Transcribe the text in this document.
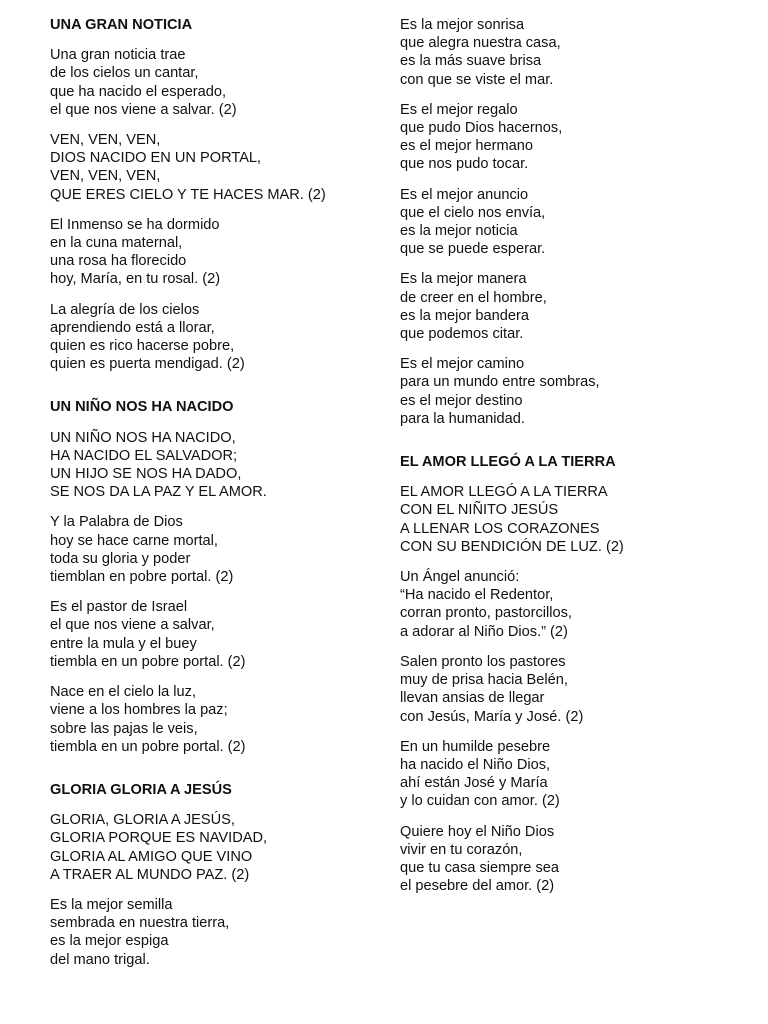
UNA GRAN NOTICIA
Una gran noticia trae
de los cielos un cantar,
que ha nacido el esperado,
el que nos viene a salvar. (2)
VEN, VEN, VEN,
DIOS NACIDO EN UN PORTAL,
VEN, VEN, VEN,
QUE ERES CIELO Y TE HACES MAR. (2)
El Inmenso se ha dormido
en la cuna maternal,
una rosa ha florecido
hoy, María, en tu rosal. (2)
La alegría de los cielos
aprendiendo está a llorar,
quien es rico hacerse pobre,
quien es puerta mendigad. (2)
UN NIÑO NOS HA NACIDO
UN NIÑO NOS HA NACIDO,
HA NACIDO EL SALVADOR;
UN HIJO SE NOS HA DADO,
SE NOS DA LA PAZ Y EL AMOR.
Y la Palabra de Dios
hoy se hace carne mortal,
toda su gloria y poder
tiemblan en pobre portal. (2)
Es el pastor de Israel
el que nos viene a salvar,
entre la mula y el buey
tiembla en un pobre portal. (2)
Nace en el cielo la luz,
viene a los hombres la paz;
sobre las pajas le veis,
tiembla en un pobre portal. (2)
GLORIA GLORIA A JESÚS
GLORIA, GLORIA A JESÚS,
GLORIA PORQUE ES NAVIDAD,
GLORIA AL AMIGO QUE VINO
A TRAER AL MUNDO PAZ. (2)
Es la mejor semilla
sembrada en nuestra tierra,
es la mejor espiga
del mano trigal.
Es la mejor sonrisa
que alegra nuestra casa,
es la más suave brisa
con que se viste el mar.
Es el mejor regalo
que pudo Dios hacernos,
es el mejor hermano
que nos pudo tocar.
Es el mejor anuncio
que el cielo nos envía,
es la mejor noticia
que se puede esperar.
Es la mejor manera
de creer en el hombre,
es la mejor bandera
que podemos citar.
Es el mejor camino
para un mundo entre sombras,
es el mejor destino
para la humanidad.
EL AMOR LLEGÓ A LA TIERRA
EL AMOR LLEGÓ A LA TIERRA
CON EL NIÑITO JESÚS
A LLENAR LOS CORAZONES
CON SU BENDICIÓN DE LUZ. (2)
Un Ángel anunció:
“Ha nacido el Redentor,
corran pronto, pastorcillos,
a adorar al Niño Dios.” (2)
Salen pronto los pastores
muy de prisa hacia Belén,
llevan ansias de llegar
con Jesús, María y José. (2)
En un humilde pesebre
ha nacido el Niño Dios,
ahí están José y María
y lo cuidan con amor. (2)
Quiere hoy el Niño Dios
vivir en tu corazón,
que tu casa siempre sea
el pesebre del amor. (2)
